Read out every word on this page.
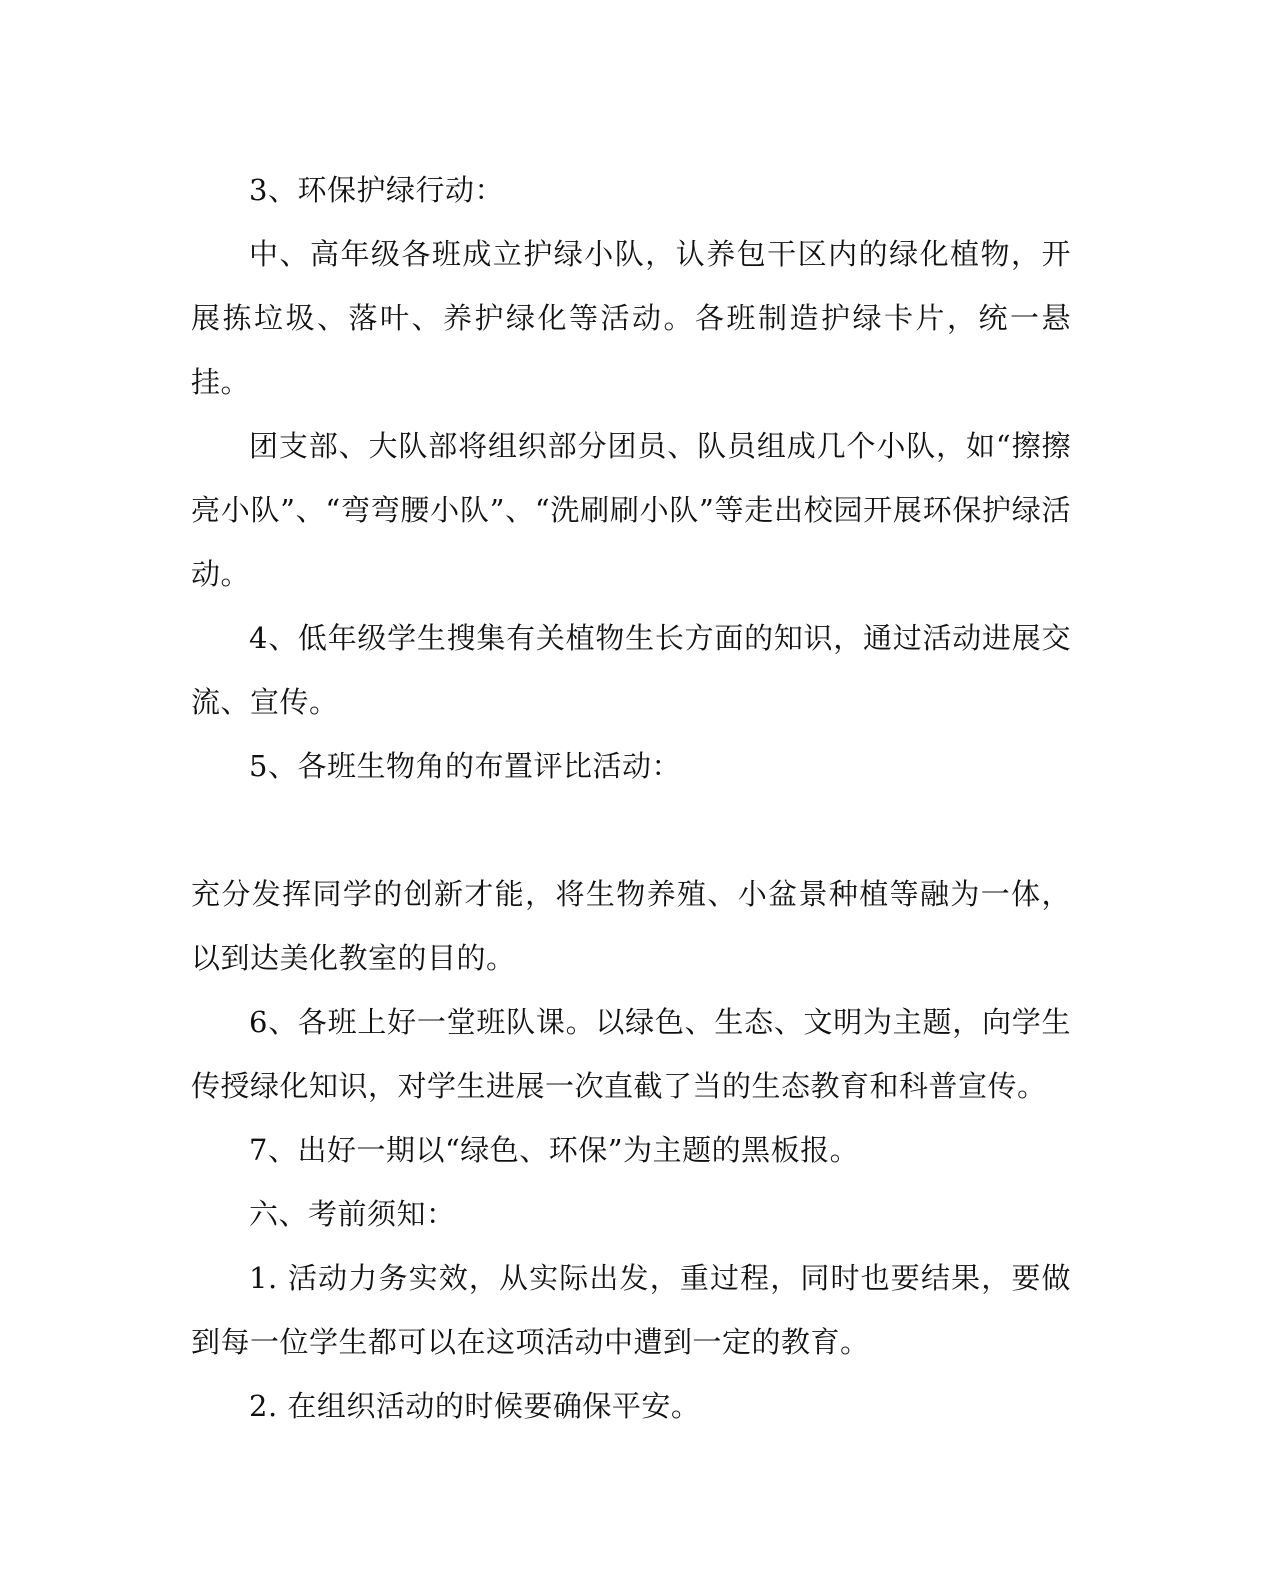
3、环保护绿行动：

中、高年级各班成立护绿小队，认养包干区内的绿化植物，开展拣垃圾、落叶、养护绿化等活动。各班制造护绿卡片，统一悬挂。

团支部、大队部将组织部分团员、队员组成几个小队，如“擦擦亮小队”、“弯弯腰小队”、“洗刷刷小队”等走出校园开展环保护绿活动。

4、低年级学生搜集有关植物生长方面的知识，通过活动进展交流、宣传。

5、各班生物角的布置评比活动：

充分发挥同学的创新才能，将生物养殖、小盆景种植等融为一体，以到达美化教室的目的。

6、各班上好一堂班队课。以绿色、生态、文明为主题，向学生传授绿化知识，对学生进展一次直截了当的生态教育和科普宣传。

7、出好一期以“绿色、环保”为主题的黑板报。

六、考前须知：

1. 活动力务实效，从实际出发，重过程，同时也要结果，要做到每一位学生都可以在这项活动中遭到一定的教育。

2. 在组织活动的时候要确保平安。
